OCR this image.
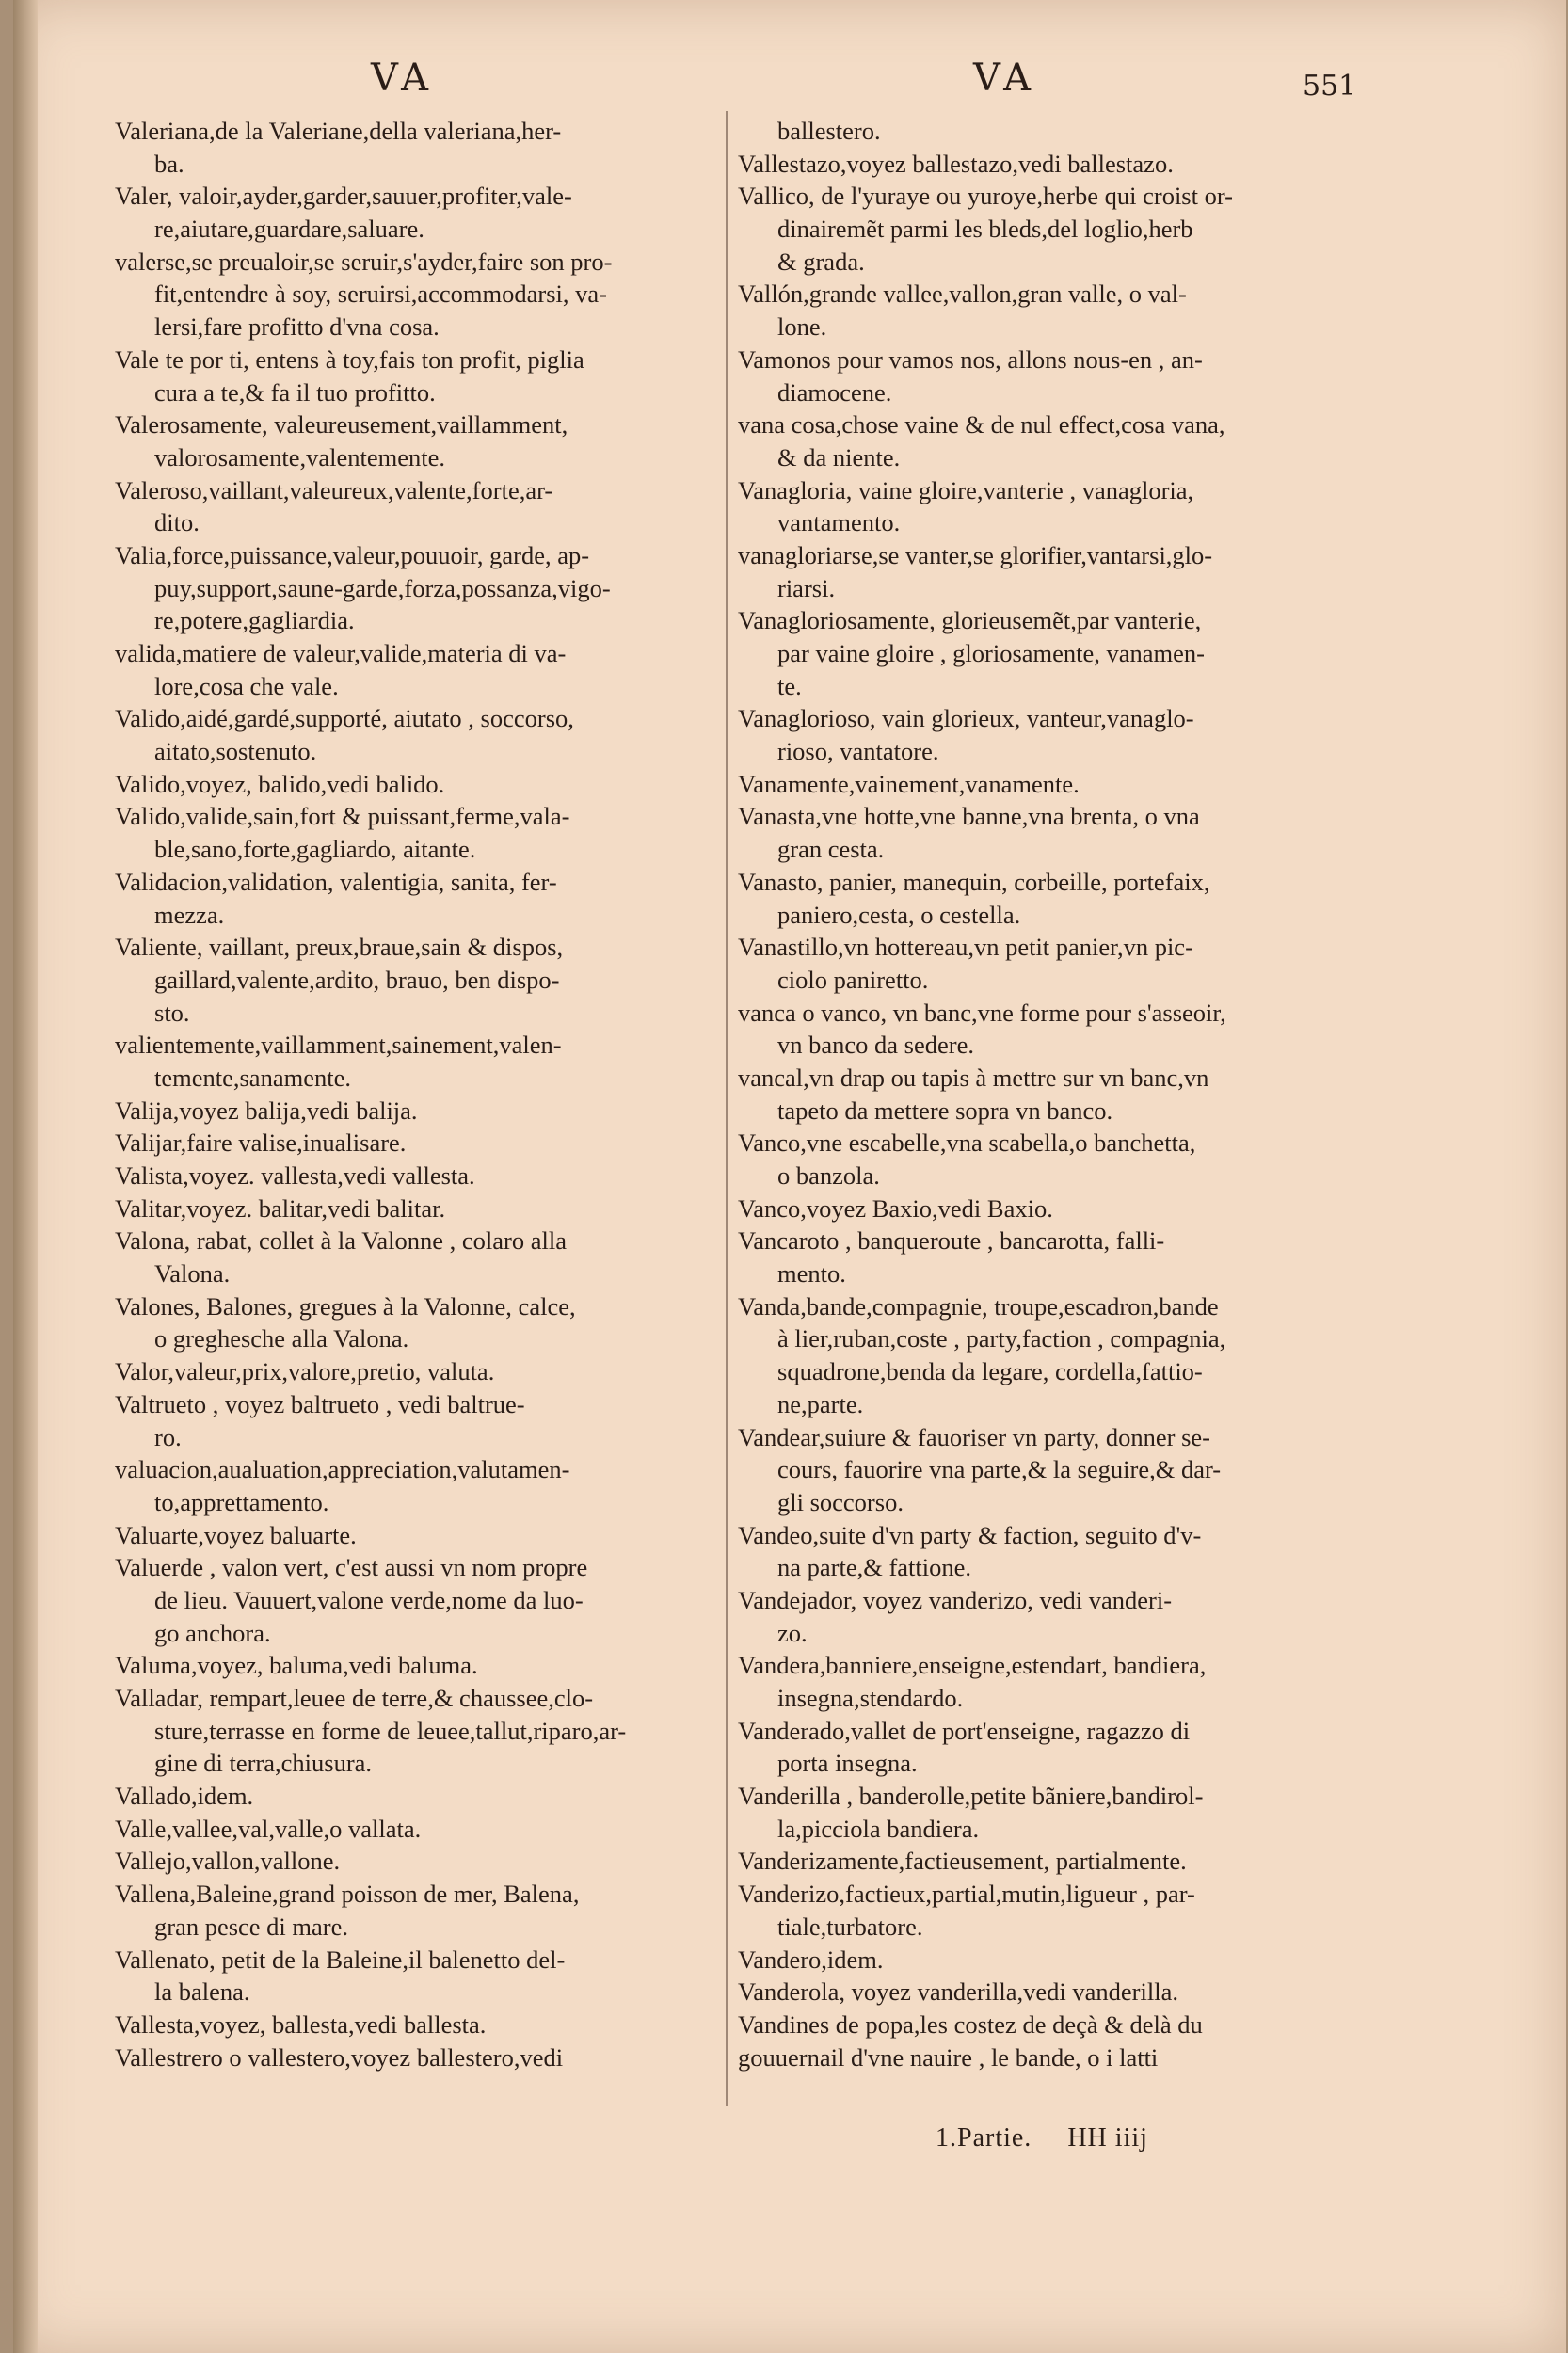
VA	VA	551
Valeriana,de la Valeriane,della valeriana,her-
ba.
Valer, valoir,ayder,garder,sauuer,profiter,vale-
re,aiutare,guardare,saluare.
valerse,se preualoir,se seruir,s'ayder,faire son pro-
fit,entendre à soy, seruirsi,accommodarsi, va-
lersi,fare profitto d'vna cosa.
Vale te por ti, entens à toy,fais ton profit, piglia
cura a te,& fa il tuo profitto.
Valerosamente, valeureusement,vaillamment,
valorosamente,valentemente.
Valeroso,vaillant,valeureux,valente,forte,ar-
dito.
Valia,force,puissance,valeur,pouuoir, garde, ap-
puy,support,saune-garde,forza,possanza,vigo-
re,potere,gagliardia.
valida,matiere de valeur,valide,materia di va-
lore,cosa che vale.
Valido,aidé,gardé,supporté, aiutato , soccorso,
aitato,sostenuto.
Valido,voyez, balido,vedi balido.
Valido,valide,sain,fort & puissant,ferme,vala-
ble,sano,forte,gagliardo, aitante.
Validacion,validation, valentigia, sanita, fer-
mezza.
Valiente, vaillant, preux,braue,sain & dispos,
gaillard,valente,ardito, brauo, ben dispo-
sto.
valientemente,vaillamment,sainement,valen-
temente,sanamente.
Valija,voyez balija,vedi balija.
Valijar,faire valise,inualisare.
Valista,voyez. vallesta,vedi vallesta.
Valitar,voyez. balitar,vedi balitar.
Valona, rabat, collet à la Valonne , colaro alla
Valona.
Valones, Balones, gregues à la Valonne, calce,
o greghesche alla Valona.
Valor,valeur,prix,valore,pretio, valuta.
Valtrueto , voyez baltrueto , vedi baltrue-
ro.
valuacion,aualuation,appreciation,valutamen-
to,apprettamento.
Valuarte,voyez baluarte.
Valuerde , valon vert, c'est aussi vn nom propre
de lieu. Vauuert,valone verde,nome da luo-
go anchora.
Valuma,voyez, baluma,vedi baluma.
Valladar, rempart,leuee de terre,& chaussee,clo-
sture,terrasse en forme de leuee,tallut,riparo,ar-
gine di terra,chiusura.
Vallado,idem.
Valle,vallee,val,valle,o vallata.
Vallejo,vallon,vallone.
Vallena,Baleine,grand poisson de mer, Balena,
gran pesce di mare.
Vallenato, petit de la Baleine,il balenetto del-
la balena.
Vallesta,voyez, ballesta,vedi ballesta.
Vallestrero o vallestero,voyez ballestero,vedi
ballestero.
Vallestazo,voyez ballestazo,vedi ballestazo.
Vallico, de l'yuraye ou yuroye,herbe qui croist or-
dinairemẽt parmi les bleds,del loglio,herb
& grada.
Vallón,grande vallee,vallon,gran valle, o val-
lone.
Vamonos pour vamos nos, allons nous-en , an-
diamocene.
vana cosa,chose vaine & de nul effect,cosa vana,
& da niente.
Vanagloria, vaine gloire,vanterie , vanagloria,
vantamento.
vanagloriarse,se vanter,se glorifier,vantarsi,glo-
riarsi.
Vanagloriosamente, glorieusemẽt,par vanterie,
par vaine gloire , gloriosamente, vanamen-
te.
Vanaglorioso, vain glorieux, vanteur,vanaglo-
rioso, vantatore.
Vanamente,vainement,vanamente.
Vanasta,vne hotte,vne banne,vna brenta, o vna
gran cesta.
Vanasto, panier, manequin, corbeille, portefaix,
paniero,cesta, o cestella.
Vanastillo,vn hottereau,vn petit panier,vn pic-
ciolo paniretto.
vanca o vanco, vn banc,vne forme pour s'asseoir,
vn banco da sedere.
vancal,vn drap ou tapis à mettre sur vn banc,vn
tapeto da mettere sopra vn banco.
Vanco,vne escabelle,vna scabella,o banchetta,
o banzola.
Vanco,voyez Baxio,vedi Baxio.
Vancaroto , banqueroute , bancarotta, falli-
mento.
Vanda,bande,compagnie, troupe,escadron,bande
à lier,ruban,coste , party,faction , compagnia,
squadrone,benda da legare, cordella,fattio-
ne,parte.
Vandear,suiure & fauoriser vn party, donner se-
cours, fauorire vna parte,& la seguire,& dar-
gli soccorso.
Vandeo,suite d'vn party & faction, seguito d'v-
na parte,& fattione.
Vandejador, voyez vanderizo, vedi vanderi-
zo.
Vandera,banniere,enseigne,estendart, bandiera,
insegna,stendardo.
Vanderado,vallet de port'enseigne, ragazzo di
porta insegna.
Vanderilla , banderolle,petite bãniere,bandirol-
la,picciola bandiera.
Vanderizamente,factieusement, partialmente.
Vanderizo,factieux,partial,mutin,ligueur , par-
tiale,turbatore.
Vandero,idem.
Vanderola, voyez vanderilla,vedi vanderilla.
Vandines de popa,les costez de deçà & delà du
gouuernail d'vne nauire , le bande, o i latti
1.Partie. HH iiij
